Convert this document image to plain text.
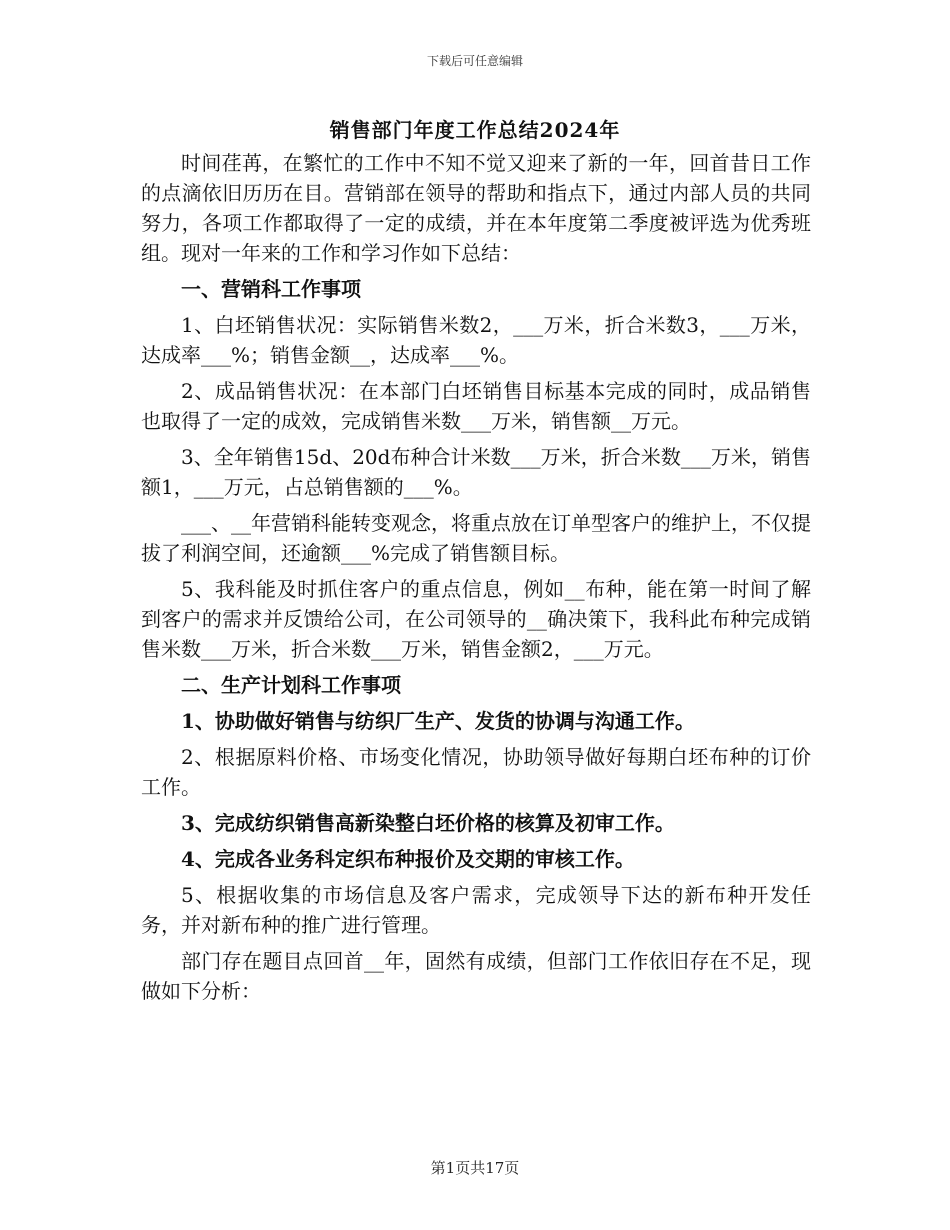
下载后可任意编辑
销售部门年度工作总结2024年

时间荏苒，在繁忙的工作中不知不觉又迎来了新的一年，回首昔日工作的点滴依旧历历在目。营销部在领导的帮助和指点下，通过内部人员的共同努力，各项工作都取得了一定的成绩，并在本年度第二季度被评选为优秀班组。现对一年来的工作和学习作如下总结：

一、营销科工作事项

1、白坯销售状况：实际销售米数2，___万米，折合米数3，___万米，达成率___%；销售金额__，达成率___%。

2、成品销售状况：在本部门白坯销售目标基本完成的同时，成品销售也取得了一定的成效，完成销售米数___万米，销售额__万元。

3、全年销售15d、20d布种合计米数___万米，折合米数___万米，销售额1，___万元，占总销售额的___%。

___、__年营销科能转变观念，将重点放在订单型客户的维护上，不仅提拔了利润空间，还逾额___%完成了销售额目标。

5、我科能及时抓住客户的重点信息，例如__布种，能在第一时间了解到客户的需求并反馈给公司，在公司领导的__确决策下，我科此布种完成销售米数___万米，折合米数___万米，销售金额2，___万元。

二、生产计划科工作事项

1、协助做好销售与纺织厂生产、发货的协调与沟通工作。

2、根据原料价格、市场变化情况，协助领导做好每期白坯布种的订价工作。

3、完成纺织销售高新染整白坯价格的核算及初审工作。

4、完成各业务科定织布种报价及交期的审核工作。

5、根据收集的市场信息及客户需求，完成领导下达的新布种开发任务，并对新布种的推广进行管理。

部门存在题目点回首__年，固然有成绩，但部门工作依旧存在不足，现做如下分析：

第1页共17页
